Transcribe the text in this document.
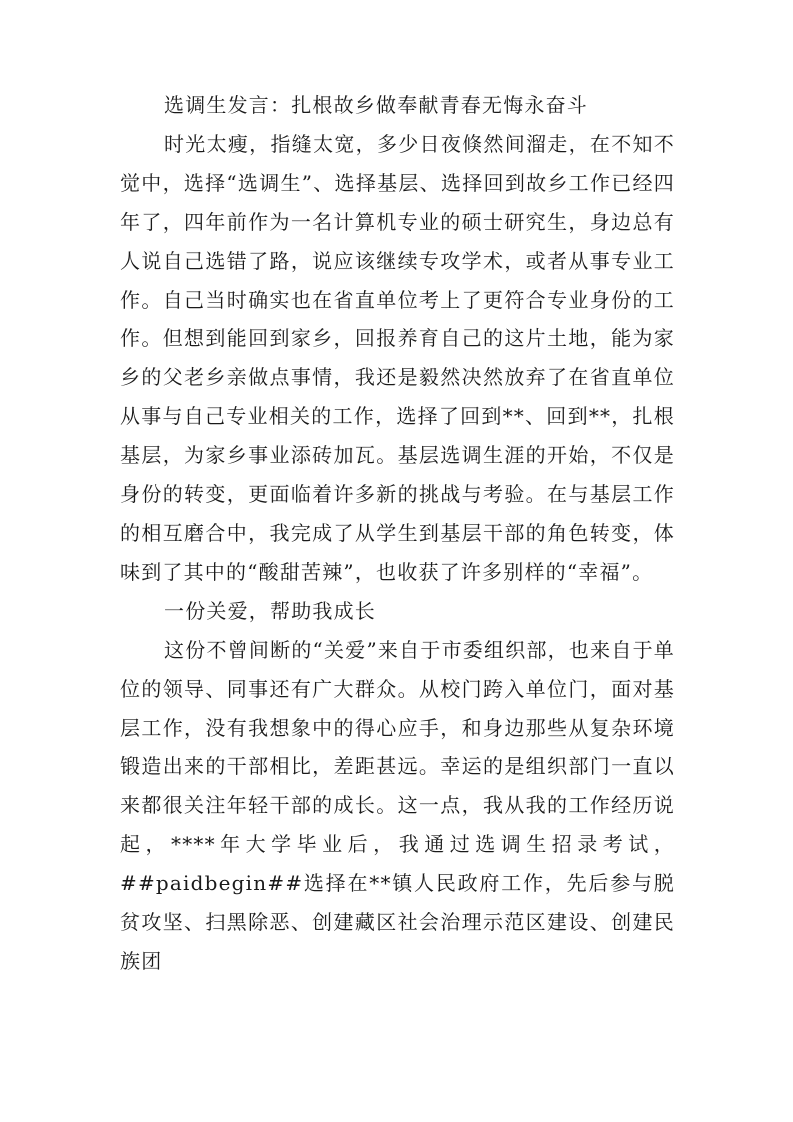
选调生发言：扎根故乡做奉献青春无悔永奋斗

时光太瘦，指缝太宽，多少日夜倏然间溜走，在不知不觉中，选择“选调生”、选择基层、选择回到故乡工作已经四年了，四年前作为一名计算机专业的硕士研究生，身边总有人说自己选错了路，说应该继续专攻学术，或者从事专业工作。自己当时确实也在省直单位考上了更符合专业身份的工作。但想到能回到家乡，回报养育自己的这片土地，能为家乡的父老乡亲做点事情，我还是毅然决然放弃了在省直单位从事与自己专业相关的工作，选择了回到**、回到**，扎根基层，为家乡事业添砖加瓦。基层选调生涯的开始，不仅是身份的转变，更面临着许多新的挑战与考验。在与基层工作的相互磨合中，我完成了从学生到基层干部的角色转变，体味到了其中的“酸甜苦辣”，也收获了许多别样的“幸福”。

一份关爱，帮助我成长

这份不曾间断的“关爱”来自于市委组织部，也来自于单位的领导、同事还有广大群众。从校门跨入单位门，面对基层工作，没有我想象中的得心应手，和身边那些从复杂环境锻造出来的干部相比，差距甚远。幸运的是组织部门一直以来都很关注年轻干部的成长。这一点，我从我的工作经历说起，****年大学毕业后，我通过选调生招录考试，##paidbegin##选择在**镇人民政府工作，先后参与脱贫攻坚、扫黑除恶、创建藏区社会治理示范区建设、创建民族团
